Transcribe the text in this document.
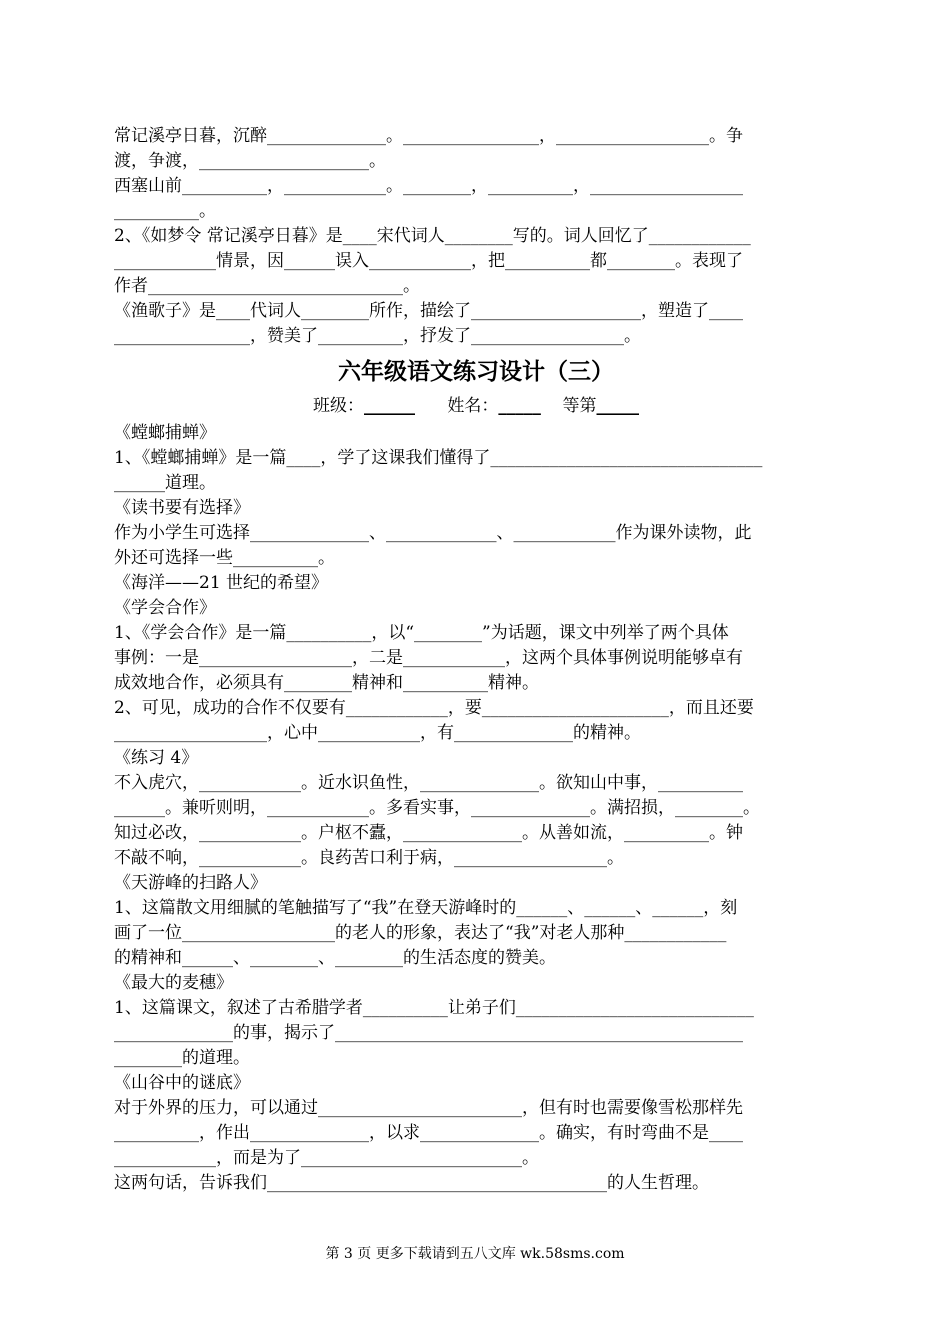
常记溪亭日暮，沉醉______________。________________，__________________。争
渡，争渡，____________________。
西塞山前__________，____________。________，__________，__________________
__________。
2、《如梦令 常记溪亭日暮》是____宋代词人________写的。词人回忆了____________
____________情景，因______误入____________，把__________都________。表现了
作者______________________________。
《渔歌子》是____代词人________所作，描绘了____________________，塑造了____
________________，赞美了__________，抒发了__________________。
六年级语文练习设计（三）
班级：______ 姓名：_____ 等第_____
《螳螂捕蝉》
1、《螳螂捕蝉》是一篇____，学了这课我们懂得了________________________________
______道理。
《读书要有选择》
作为小学生可选择______________、_____________、____________作为课外读物，此
外还可选择一些__________。
《海洋——21 世纪的希望》
《学会合作》
1、《学会合作》是一篇__________，以“________”为话题，课文中列举了两个具体
事例：一是__________________，二是____________，这两个具体事例说明能够卓有
成效地合作，必须具有________精神和__________精神。
2、可见，成功的合作不仅要有____________，要______________________，而且还要
__________________，心中____________，有______________的精神。
《练习 4》
不入虎穴，____________。近水识鱼性，______________。欲知山中事，__________
______。兼听则明，____________。多看实事，______________。满招损，________。
知过必改，____________。户枢不蠹，______________。从善如流，__________。钟
不敲不响，____________。良药苦口利于病，__________________。
《天游峰的扫路人》
1、这篇散文用细腻的笔触描写了“我”在登天游峰时的______、______、______，刻
画了一位__________________的老人的形象，表达了“我”对老人那种____________
的精神和______、________、________的生活态度的赞美。
《最大的麦穗》
1、这篇课文，叙述了古希腊学者__________让弟子们____________________________
______________的事，揭示了________________________________________________
________的道理。
《山谷中的谜底》
对于外界的压力，可以通过________________________，但有时也需要像雪松那样先
__________，作出______________，以求______________。确实，有时弯曲不是____
____________，而是为了__________________________。
这两句话，告诉我们________________________________________的人生哲理。
第 3 页 更多下载请到五八文库 wk.58sms.com
